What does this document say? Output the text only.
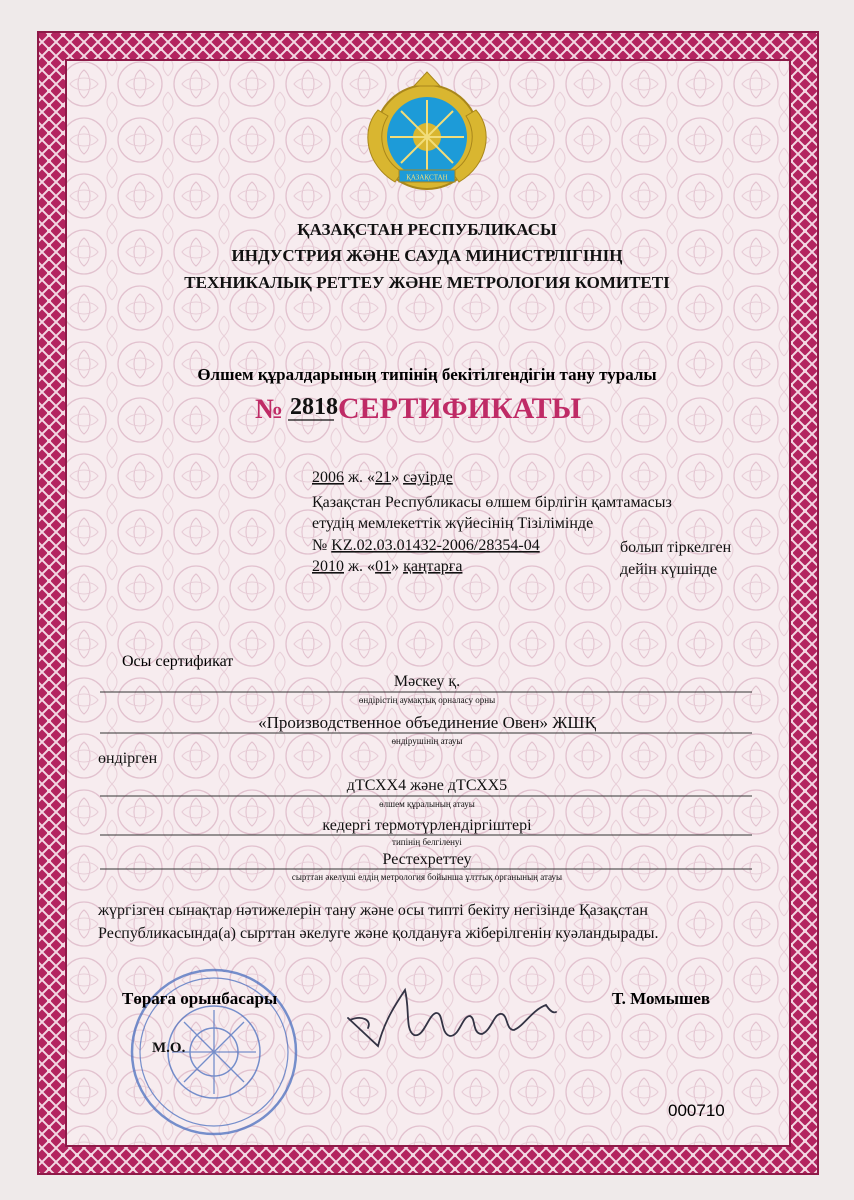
ҚАЗАҚСТАН
ҚАЗАҚСТАН РЕСПУБЛИКАСЫ
ИНДУСТРИЯ ЖӘНЕ САУДА МИНИСТРЛІГІНІҢ
ТЕХНИКАЛЫҚ РЕТТЕУ ЖӘНЕ МЕТРОЛОГИЯ КОМИТЕТІ
Өлшем құралдарының типінің бекітілгендігін тану туралы
№ 2818 СЕРТИФИКАТЫ
2006 ж. «21» сәуірде
Қазақстан Республикасы өлшем бірлігін қамтамасыз
етудің мемлекеттік жүйесінің Тізілімінде
№ KZ.02.03.01432-2006/28354-04	болып тіркелген
2010 ж. «01» қаңтарға	дейін күшінде
Осы сертификат
Мәскеу қ.
өндірістің аумақтық орналасу орны
«Производственное объединение Овен» ЖШҚ
өндірушінің атауы
өндірген
дТСХХ4 және дТСХХ5
өлшем құралының атауы
кедергі термотүрлендіргіштері
типінің белгіленуі
Рестехреттеу
сырттан әкелуші елдің метрология бойынша ұлттық органының атауы
жүргізген сынақтар нәтижелерін тану және осы типті бекіту негізінде Қазақстан
Республикасында(а) сырттан әкелуге және қолдануға жіберілгенін куәландырады.
М.О.
Төраға орынбасары	Т. Момышев
000710
